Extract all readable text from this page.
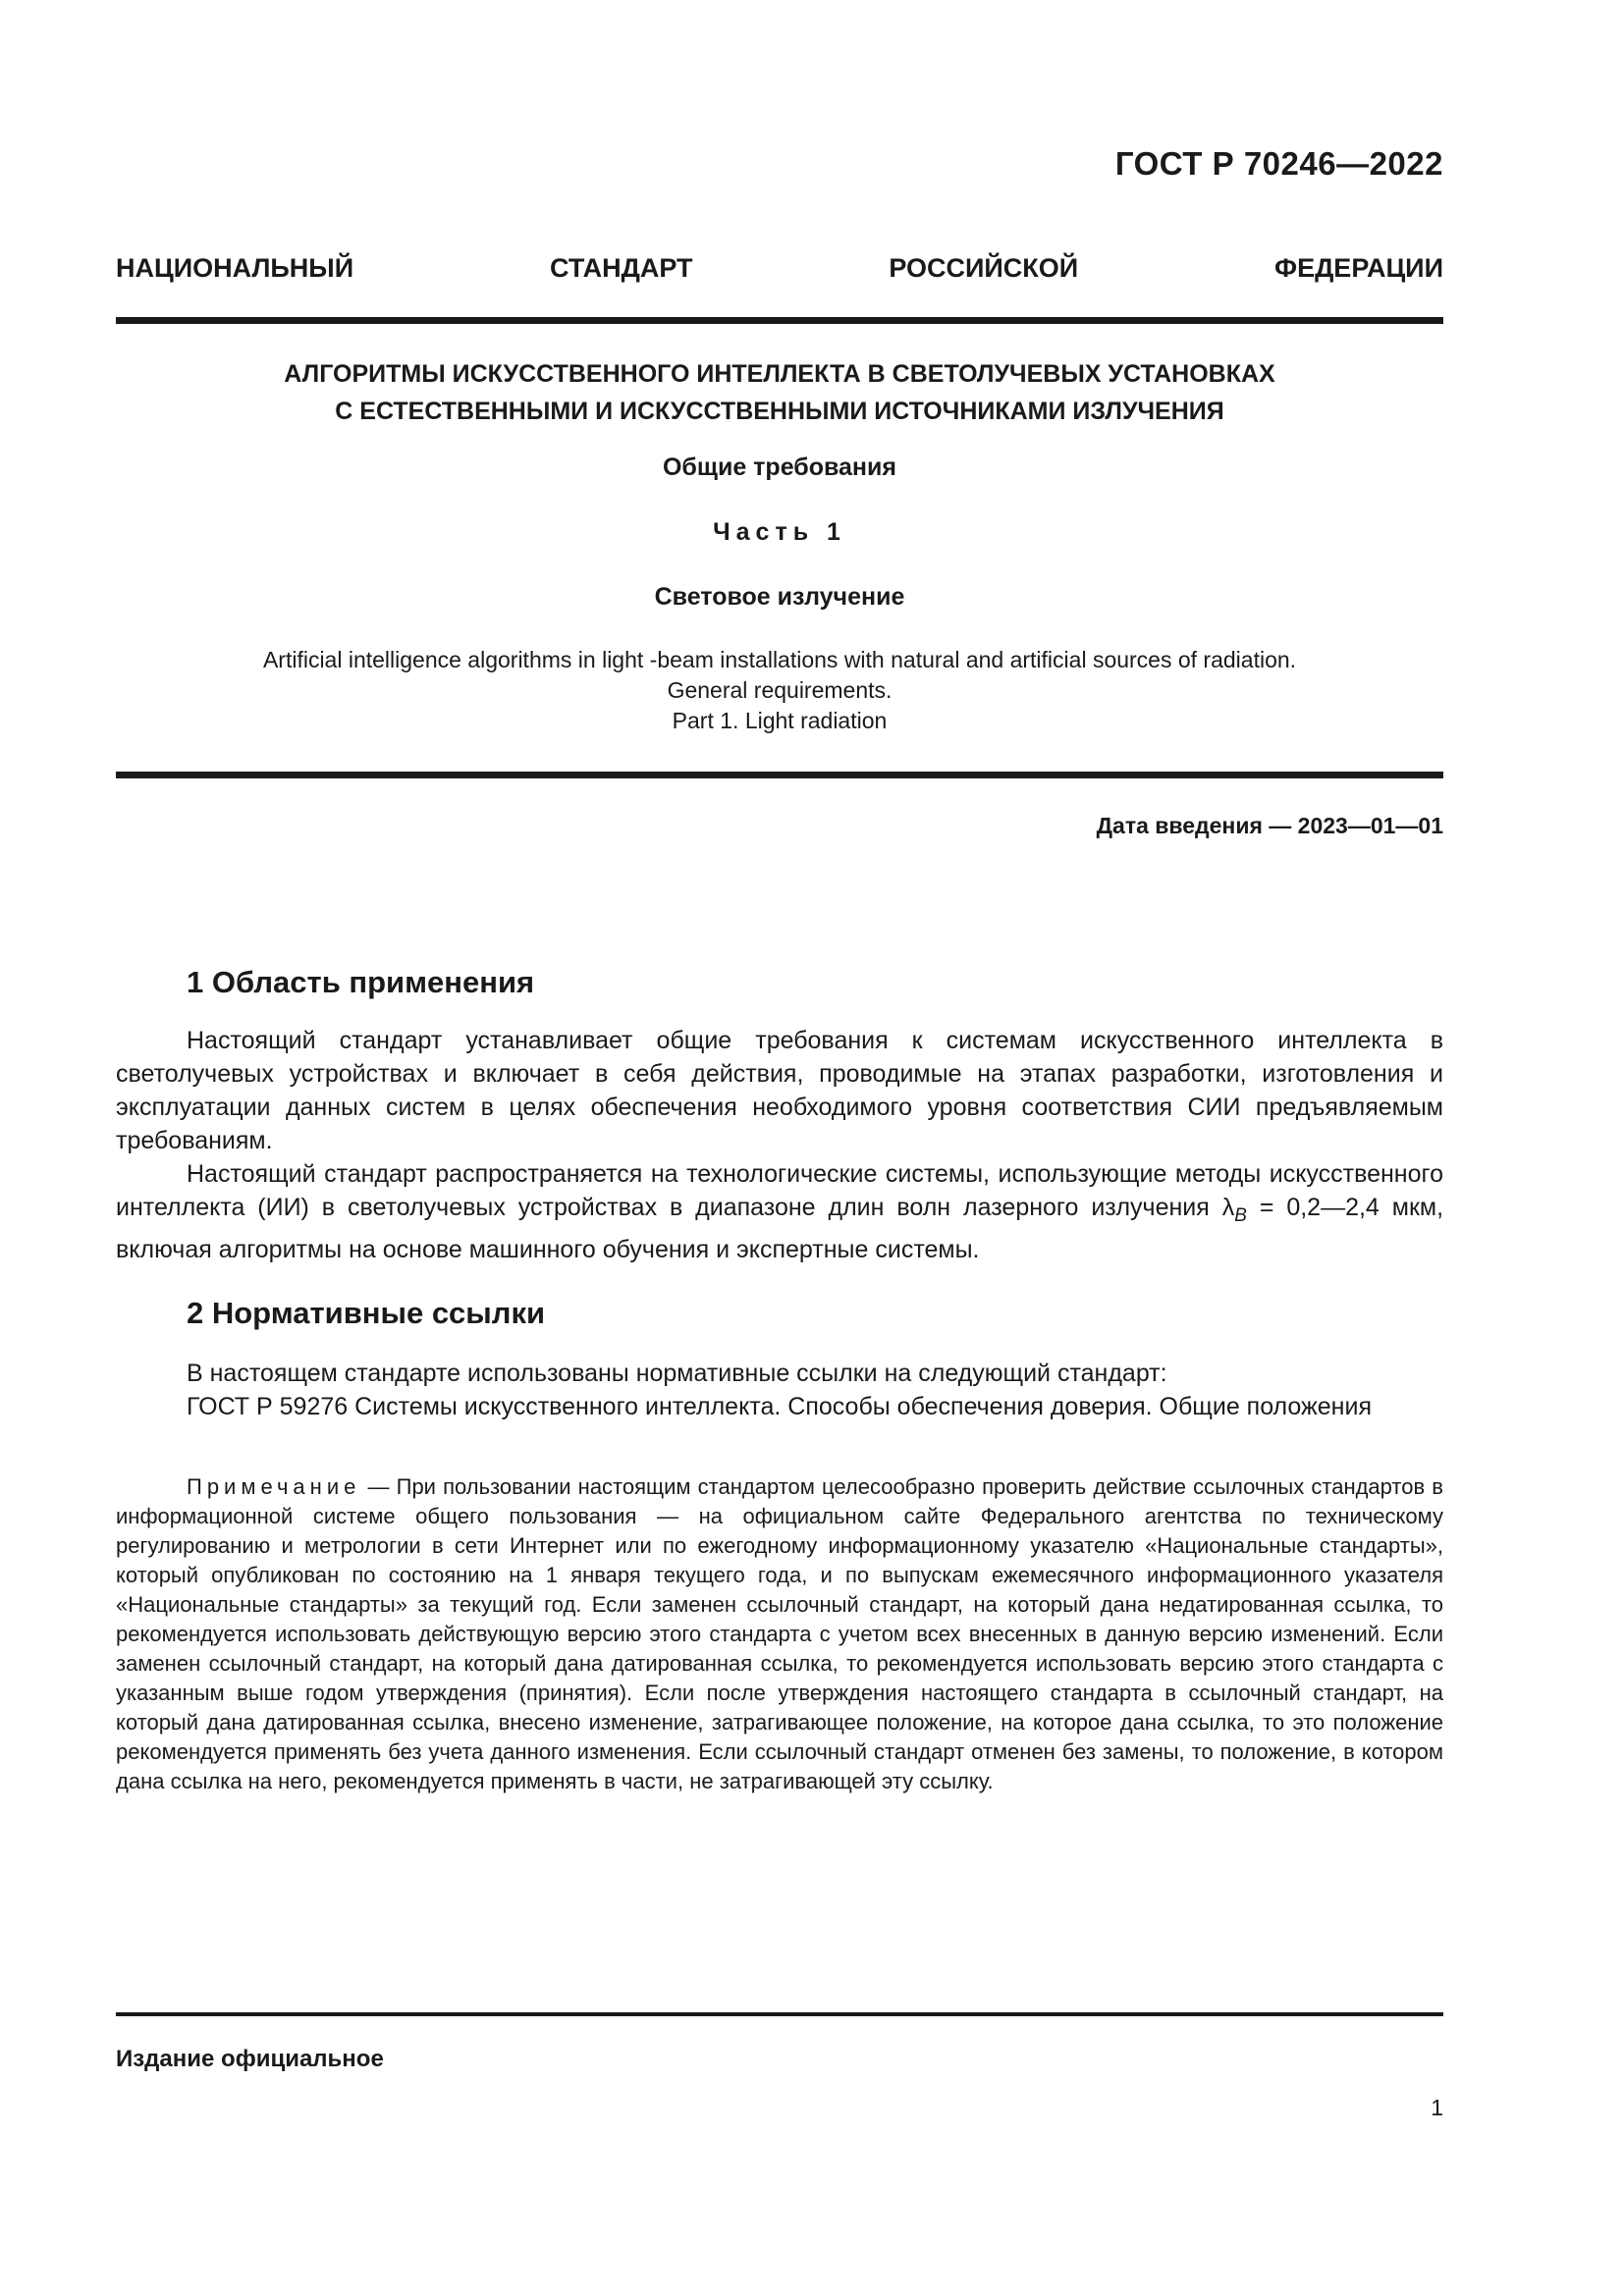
ГОСТ Р 70246—2022
НАЦИОНАЛЬНЫЙ СТАНДАРТ РОССИЙСКОЙ ФЕДЕРАЦИИ
АЛГОРИТМЫ ИСКУССТВЕННОГО ИНТЕЛЛЕКТА В СВЕТОЛУЧЕВЫХ УСТАНОВКАХ
С ЕСТЕСТВЕННЫМИ И ИСКУССТВЕННЫМИ ИСТОЧНИКАМИ ИЗЛУЧЕНИЯ
Общие требования
Часть 1
Световое излучение
Artificial intelligence algorithms in light -beam installations with natural and artificial sources of radiation.
General requirements.
Part 1. Light radiation
Дата введения — 2023—01—01
1 Область применения

Настоящий стандарт устанавливает общие требования к системам искусственного интеллекта в светолучевых устройствах и включает в себя действия, проводимые на этапах разработки, изготовления и эксплуатации данных систем в целях обеспечения необходимого уровня соответствия СИИ предъявляемым требованиям.

Настоящий стандарт распространяется на технологические системы, использующие методы искусственного интеллекта (ИИ) в светолучевых устройствах в диапазоне длин волн лазерного излучения $\lambda_B$ = 0,2—2,4 мкм, включая алгоритмы на основе машинного обучения и экспертные системы.

2 Нормативные ссылки

В настоящем стандарте использованы нормативные ссылки на следующий стандарт:

ГОСТ Р 59276 Системы искусственного интеллекта. Способы обеспечения доверия. Общие положения

Примечание — При пользовании настоящим стандартом целесообразно проверить действие ссылочных стандартов в информационной системе общего пользования — на официальном сайте Федерального агентства по техническому регулированию и метрологии в сети Интернет или по ежегодному информационному указателю «Национальные стандарты», который опубликован по состоянию на 1 января текущего года, и по выпускам ежемесячного информационного указателя «Национальные стандарты» за текущий год. Если заменен ссылочный стандарт, на который дана недатированная ссылка, то рекомендуется использовать действующую версию этого стандарта с учетом всех внесенных в данную версию изменений. Если заменен ссылочный стандарт, на который дана датированная ссылка, то рекомендуется использовать версию этого стандарта с указанным выше годом утверждения (принятия). Если после утверждения настоящего стандарта в ссылочный стандарт, на который дана датированная ссылка, внесено изменение, затрагивающее положение, на которое дана ссылка, то это положение рекомендуется применять без учета данного изменения. Если ссылочный стандарт отменен без замены, то положение, в котором дана ссылка на него, рекомендуется применять в части, не затрагивающей эту ссылку.

Издание официальное
1
